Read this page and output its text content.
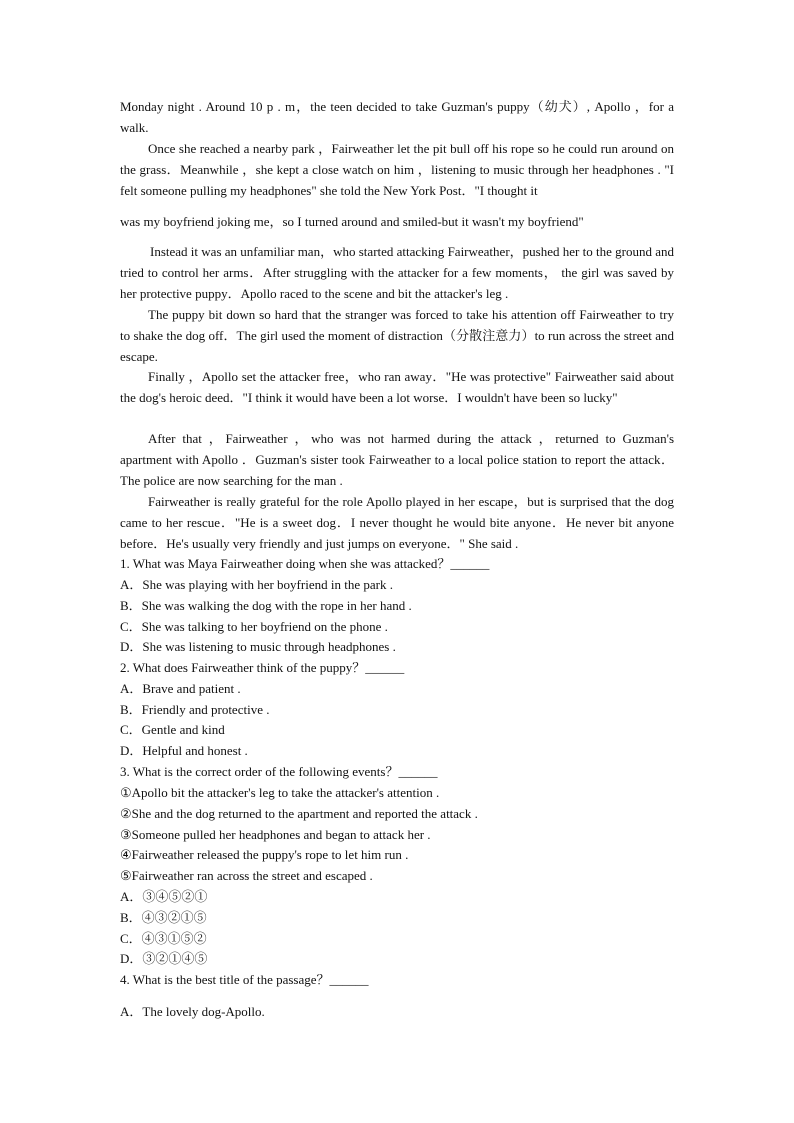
Monday night . Around 10 p . m，the teen decided to take Guzman's puppy（幼犬）, Apollo ，for a walk.

Once she reached a nearby park ，Fairweather let the pit bull off his rope so he could run around on the grass．Meanwhile ，she kept a close watch on him ，listening to music through her headphones . "I felt someone pulling my headphones" she told the New York Post．"I thought it

was my boyfriend joking me，so I turned around and smiled-but it wasn't my boyfriend"

Instead it was an unfamiliar man，who started attacking Fairweather，pushed her to the ground and tried to control her arms．After struggling with the attacker for a few moments， the girl was saved by her protective puppy．Apollo raced to the scene and bit the attacker's leg .

The puppy bit down so hard that the stranger was forced to take his attention off Fairweather to try to shake the dog off．The girl used the moment of distraction（分散注意力）to run across the street and escape.

Finally ，Apollo set the attacker free，who ran away．"He was protective" Fairweather said about the dog's heroic deed．"I think it would have been a lot worse．I wouldn't have been so lucky"

After that ，Fairweather ，who was not harmed during the attack ，returned to Guzman's apartment with Apollo ．Guzman's sister took Fairweather to a local police station to report the attack．The police are now searching for the man .

Fairweather is really grateful for the role Apollo played in her escape，but is surprised that the dog came to her rescue．"He is a sweet dog．I never thought he would bite anyone．He never bit anyone before．He's usually very friendly and just jumps on everyone．" She said .

1. What was Maya Fairweather doing when she was attacked？______

A．She was playing with her boyfriend in the park .

B．She was walking the dog with the rope in her hand .

C．She was talking to her boyfriend on the phone .

D．She was listening to music through headphones .

2. What does Fairweather think of the puppy？______

A．Brave and patient .

B．Friendly and protective .

C．Gentle and kind

D．Helpful and honest .

3. What is the correct order of the following events？______

①Apollo bit the attacker's leg to take the attacker's attention .

②She and the dog returned to the apartment and reported the attack .

③Someone pulled her headphones and began to attack her .

④Fairweather released the puppy's rope to let him run .

⑤Fairweather ran across the street and escaped .

A．③④⑤②①

B．④③②①⑤

C．④③①⑤②

D．③②①④⑤

4. What is the best title of the passage？______

A．The lovely dog-Apollo.
